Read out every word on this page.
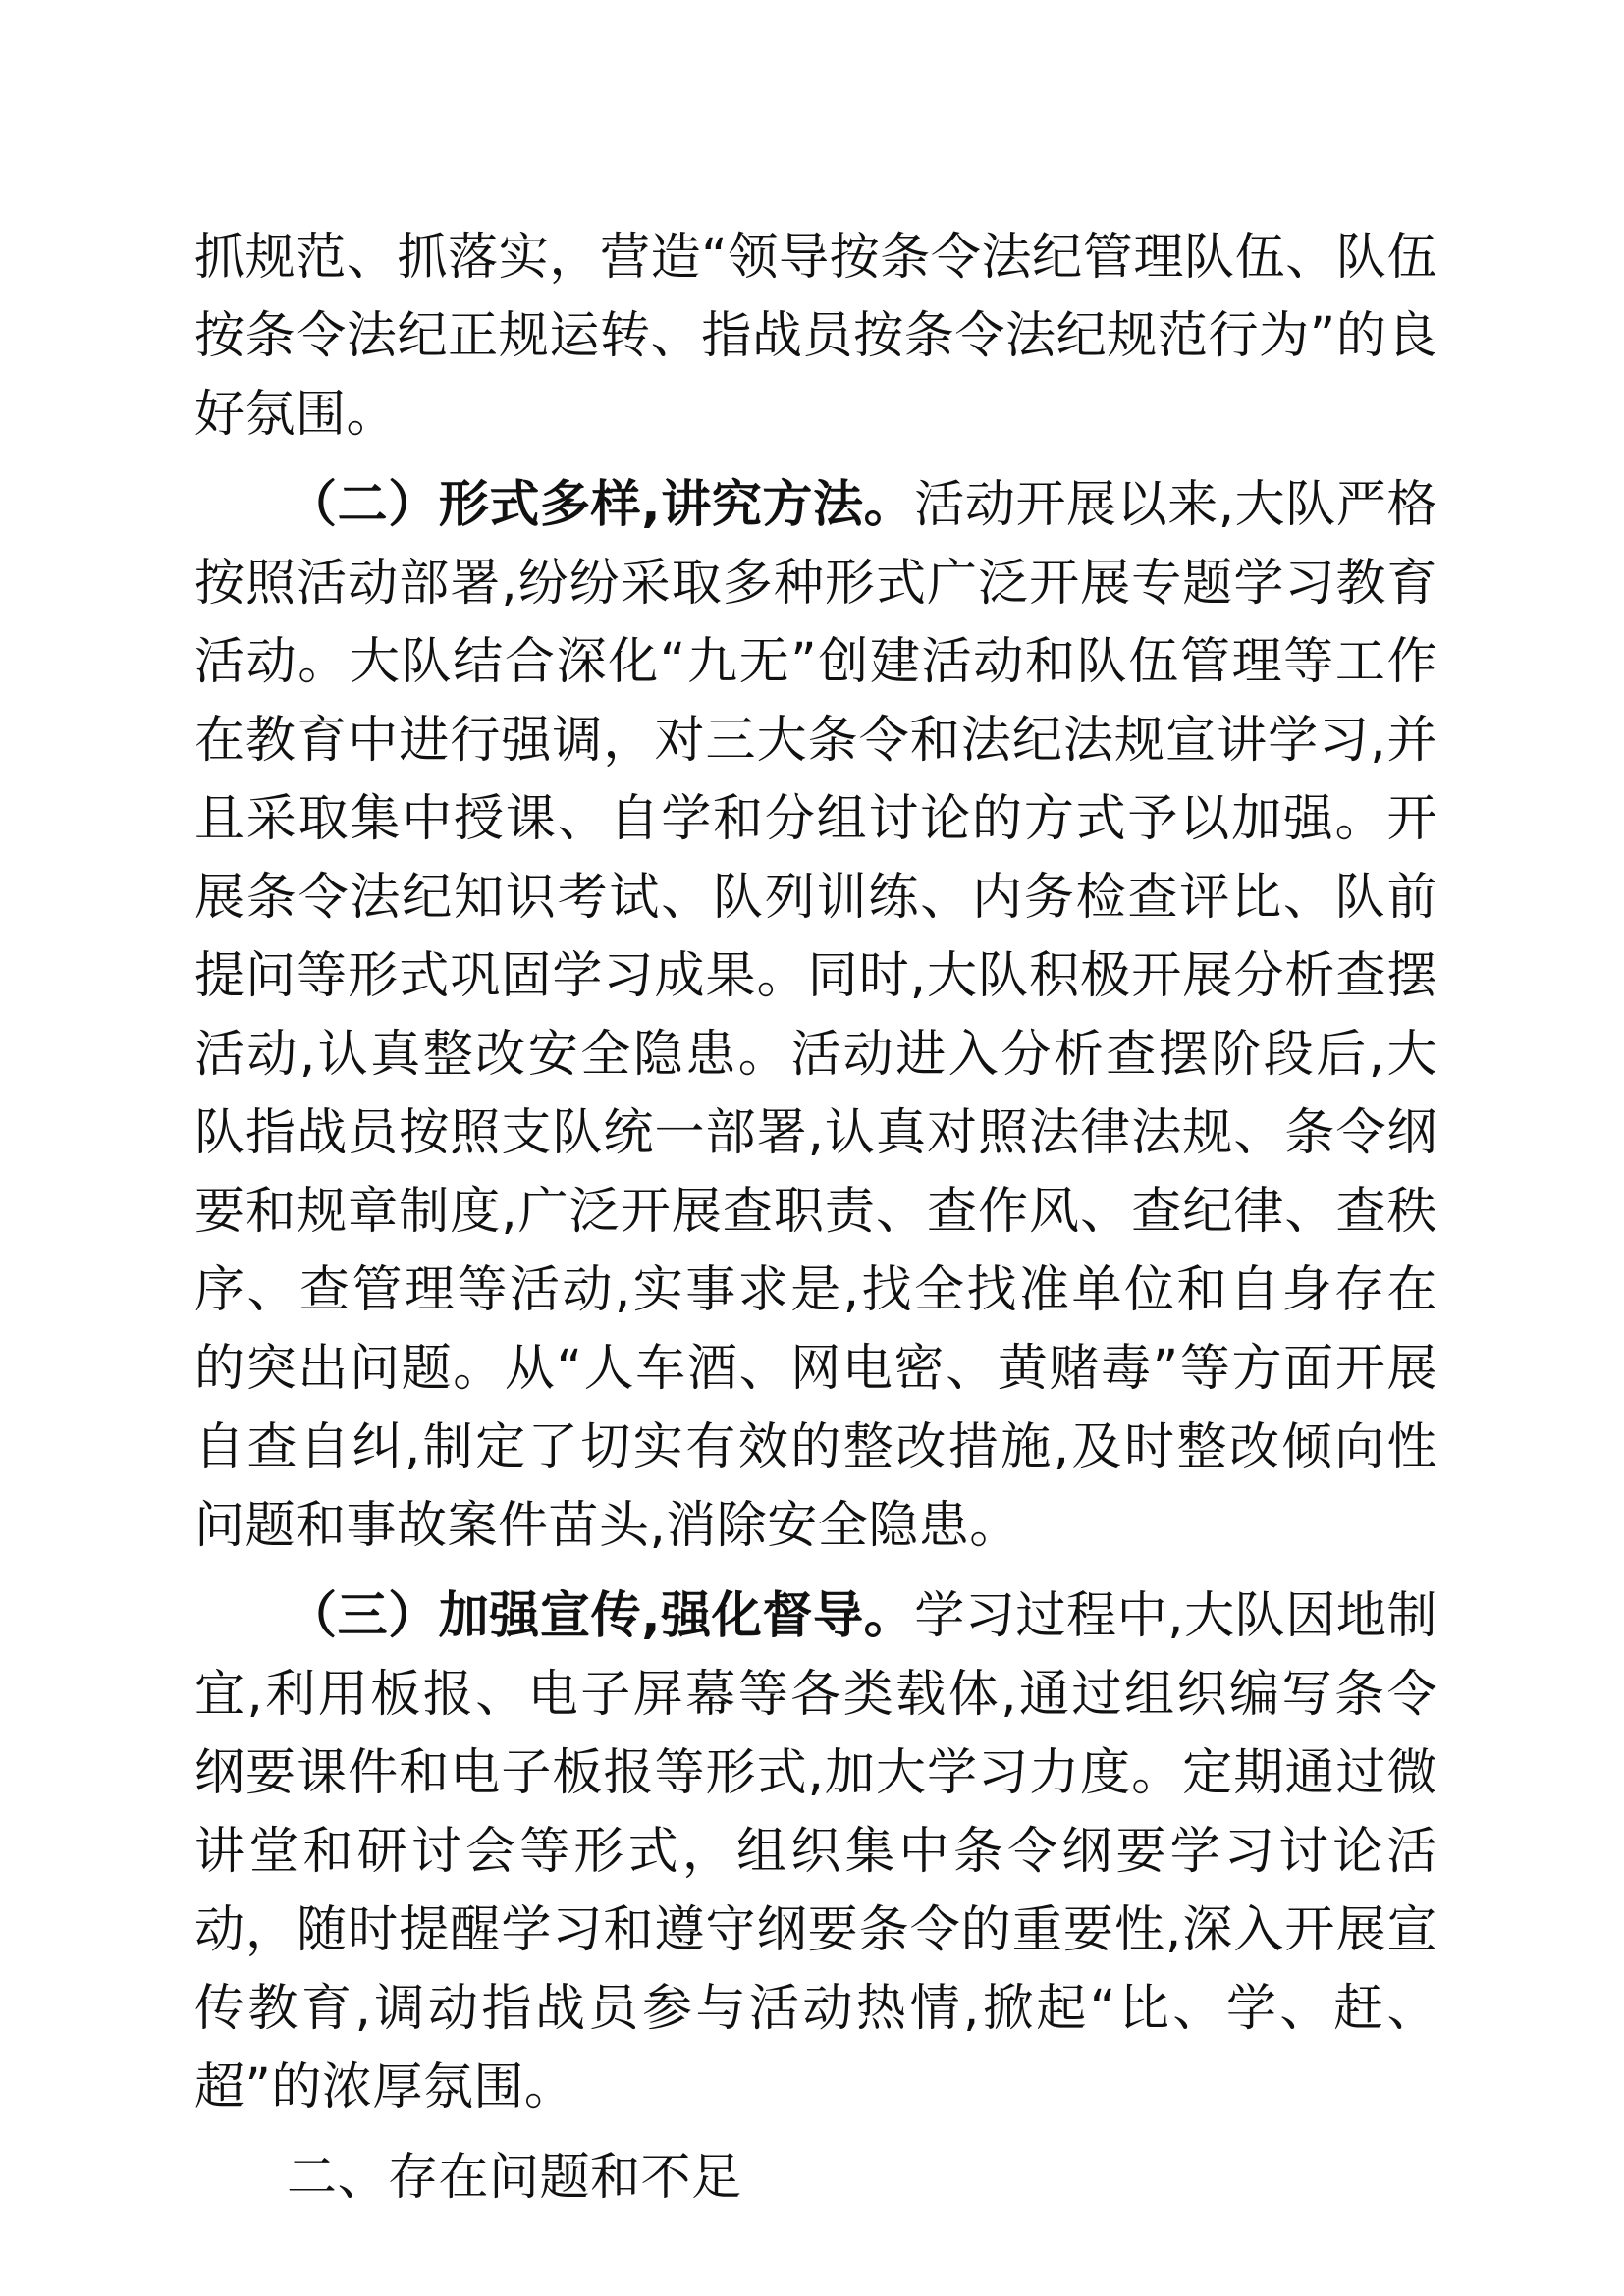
抓规范、抓落实，营造“领导按条令法纪管理队伍、队伍按条令法纪正规运转、指战员按条令法纪规范行为”的良好氛围。

（二）形式多样,讲究方法。活动开展以来,大队严格按照活动部署,纷纷采取多种形式广泛开展专题学习教育活动。大队结合深化“九无”创建活动和队伍管理等工作在教育中进行强调，对三大条令和法纪法规宣讲学习,并且采取集中授课、自学和分组讨论的方式予以加强。开展条令法纪知识考试、队列训练、内务检查评比、队前提问等形式巩固学习成果。同时,大队积极开展分析查摆活动,认真整改安全隐患。活动进入分析查摆阶段后,大队指战员按照支队统一部署,认真对照法律法规、条令纲要和规章制度,广泛开展查职责、查作风、查纪律、查秩序、查管理等活动,实事求是,找全找准单位和自身存在的突出问题。从“人车酒、网电密、黄赌毒”等方面开展自查自纠,制定了切实有效的整改措施,及时整改倾向性问题和事故案件苗头,消除安全隐患。

（三）加强宣传,强化督导。学习过程中,大队因地制宜,利用板报、电子屏幕等各类载体,通过组织编写条令纲要课件和电子板报等形式,加大学习力度。定期通过微讲堂和研讨会等形式，组织集中条令纲要学习讨论活动，随时提醒学习和遵守纲要条令的重要性,深入开展宣传教育,调动指战员参与活动热情,掀起“比、学、赶、超”的浓厚氛围。

二、存在问题和不足
